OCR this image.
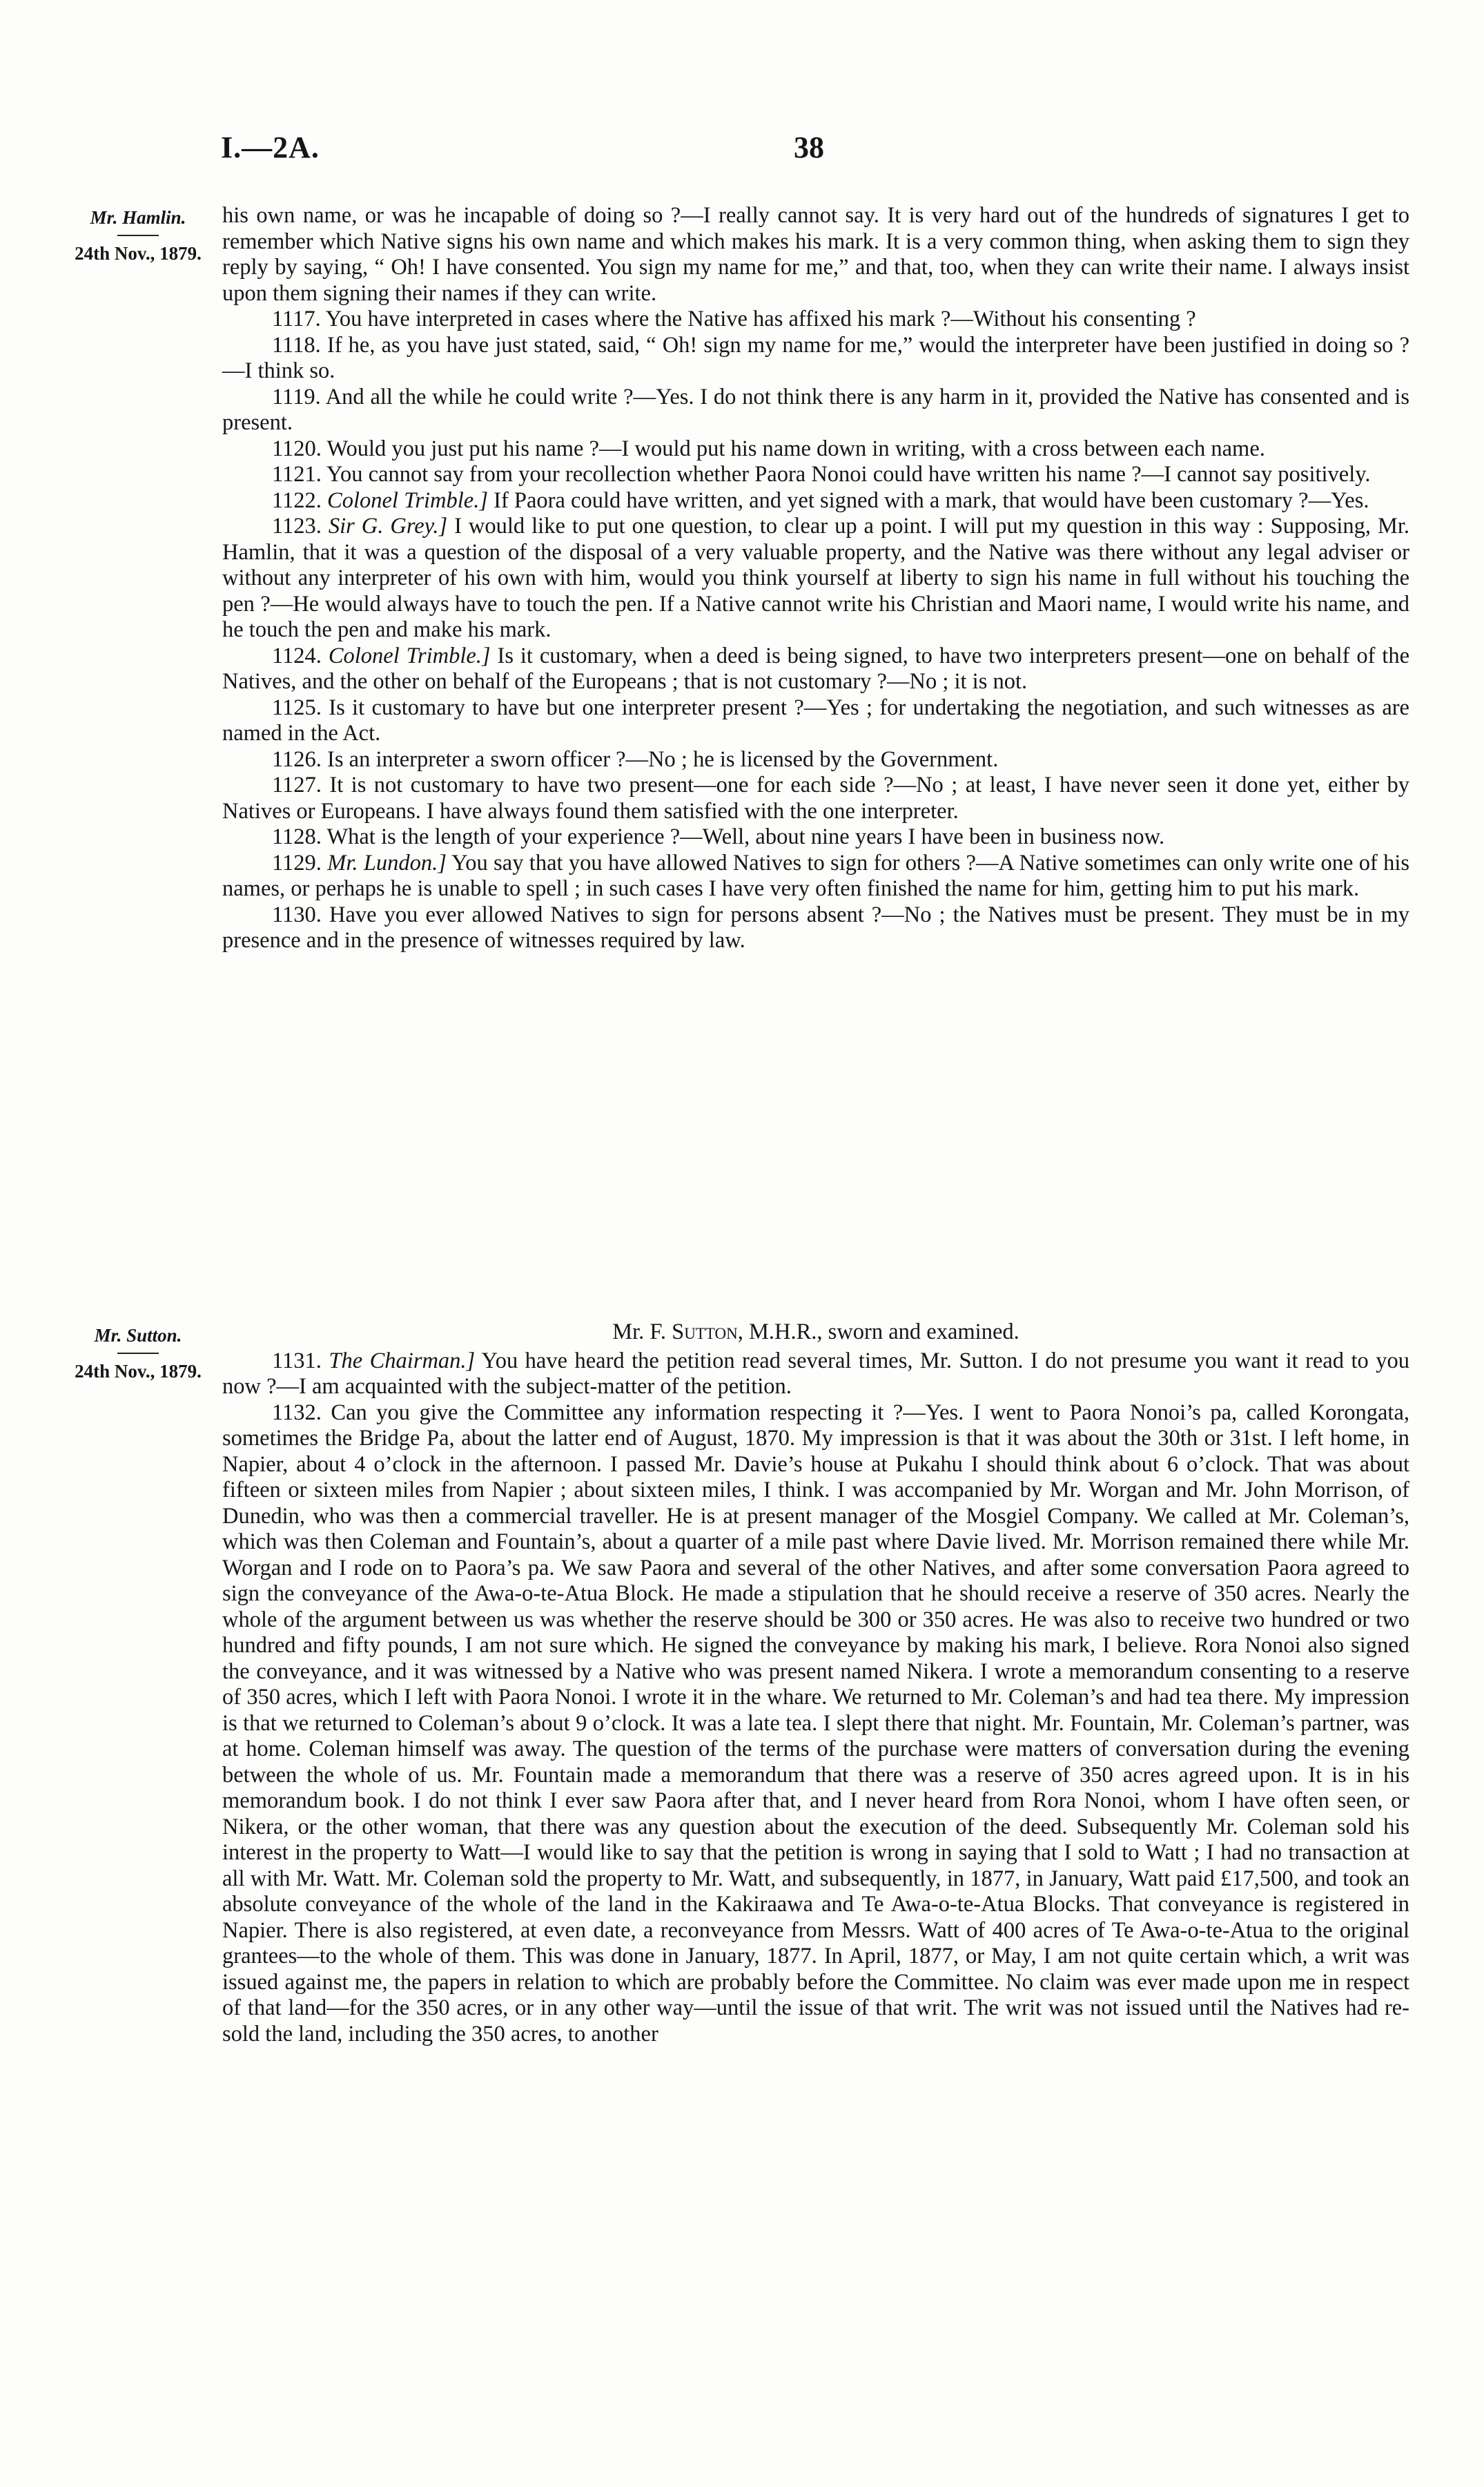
I.—2A.	38
Mr. Hamlin.
24th Nov., 1879.
Mr. Sutton.
24th Nov., 1879.

his own name, or was he incapable of doing so ?—I really cannot say. It is very hard out of the hundreds of signatures I get to remember which Native signs his own name and which makes his mark. It is a very common thing, when asking them to sign they reply by saying, “ Oh! I have consented. You sign my name for me,” and that, too, when they can write their name. I always insist upon them signing their names if they can write.

1117. You have interpreted in cases where the Native has affixed his mark ?—Without his consenting ?

1118. If he, as you have just stated, said, “ Oh! sign my name for me,” would the interpreter have been justified in doing so ?—I think so.

1119. And all the while he could write ?—Yes. I do not think there is any harm in it, provided the Native has consented and is present.

1120. Would you just put his name ?—I would put his name down in writing, with a cross between each name.

1121. You cannot say from your recollection whether Paora Nonoi could have written his name ?—I cannot say positively.

1122. Colonel Trimble.] If Paora could have written, and yet signed with a mark, that would have been customary ?—Yes.

1123. Sir G. Grey.] I would like to put one question, to clear up a point. I will put my question in this way : Supposing, Mr. Hamlin, that it was a question of the disposal of a very valuable property, and the Native was there without any legal adviser or without any interpreter of his own with him, would you think yourself at liberty to sign his name in full without his touching the pen ?—He would always have to touch the pen. If a Native cannot write his Christian and Maori name, I would write his name, and he touch the pen and make his mark.

1124. Colonel Trimble.] Is it customary, when a deed is being signed, to have two interpreters present—one on behalf of the Natives, and the other on behalf of the Europeans ; that is not customary ?—No ; it is not.

1125. Is it customary to have but one interpreter present ?—Yes ; for undertaking the negotiation, and such witnesses as are named in the Act.

1126. Is an interpreter a sworn officer ?—No ; he is licensed by the Government.

1127. It is not customary to have two present—one for each side ?—No ; at least, I have never seen it done yet, either by Natives or Europeans. I have always found them satisfied with the one interpreter.

1128. What is the length of your experience ?—Well, about nine years I have been in business now.

1129. Mr. Lundon.] You say that you have allowed Natives to sign for others ?—A Native sometimes can only write one of his names, or perhaps he is unable to spell ; in such cases I have very often finished the name for him, getting him to put his mark.

1130. Have you ever allowed Natives to sign for persons absent ?—No ; the Natives must be present. They must be in my presence and in the presence of witnesses required by law.

Mr. F. Sutton, M.H.R., sworn and examined.

1131. The Chairman.] You have heard the petition read several times, Mr. Sutton. I do not presume you want it read to you now ?—I am acquainted with the subject-matter of the petition.

1132. Can you give the Committee any information respecting it ?—Yes. I went to Paora Nonoi’s pa, called Korongata, sometimes the Bridge Pa, about the latter end of August, 1870. My impression is that it was about the 30th or 31st. I left home, in Napier, about 4 o’clock in the afternoon. I passed Mr. Davie’s house at Pukahu I should think about 6 o’clock. That was about fifteen or sixteen miles from Napier ; about sixteen miles, I think. I was accompanied by Mr. Worgan and Mr. John Morrison, of Dunedin, who was then a commercial traveller. He is at present manager of the Mosgiel Company. We called at Mr. Coleman’s, which was then Coleman and Fountain’s, about a quarter of a mile past where Davie lived. Mr. Morrison remained there while Mr. Worgan and I rode on to Paora’s pa. We saw Paora and several of the other Natives, and after some conversation Paora agreed to sign the conveyance of the Awa-o-te-Atua Block. He made a stipulation that he should receive a reserve of 350 acres. Nearly the whole of the argument between us was whether the reserve should be 300 or 350 acres. He was also to receive two hundred or two hundred and fifty pounds, I am not sure which. He signed the conveyance by making his mark, I believe. Rora Nonoi also signed the conveyance, and it was witnessed by a Native who was present named Nikera. I wrote a memorandum consenting to a reserve of 350 acres, which I left with Paora Nonoi. I wrote it in the whare. We returned to Mr. Coleman’s and had tea there. My impression is that we returned to Coleman’s about 9 o’clock. It was a late tea. I slept there that night. Mr. Fountain, Mr. Coleman’s partner, was at home. Coleman himself was away. The question of the terms of the purchase were matters of conversation during the evening between the whole of us. Mr. Fountain made a memorandum that there was a reserve of 350 acres agreed upon. It is in his memorandum book. I do not think I ever saw Paora after that, and I never heard from Rora Nonoi, whom I have often seen, or Nikera, or the other woman, that there was any question about the execution of the deed. Subsequently Mr. Coleman sold his interest in the property to Watt—I would like to say that the petition is wrong in saying that I sold to Watt ; I had no transaction at all with Mr. Watt. Mr. Coleman sold the property to Mr. Watt, and subsequently, in 1877, in January, Watt paid £17,500, and took an absolute conveyance of the whole of the land in the Kakiraawa and Te Awa-o-te-Atua Blocks. That conveyance is registered in Napier. There is also registered, at even date, a reconveyance from Messrs. Watt of 400 acres of Te Awa-o-te-Atua to the original grantees—to the whole of them. This was done in January, 1877. In April, 1877, or May, I am not quite certain which, a writ was issued against me, the papers in relation to which are probably before the Committee. No claim was ever made upon me in respect of that land—for the 350 acres, or in any other way—until the issue of that writ. The writ was not issued until the Natives had re-sold the land, including the 350 acres, to another
